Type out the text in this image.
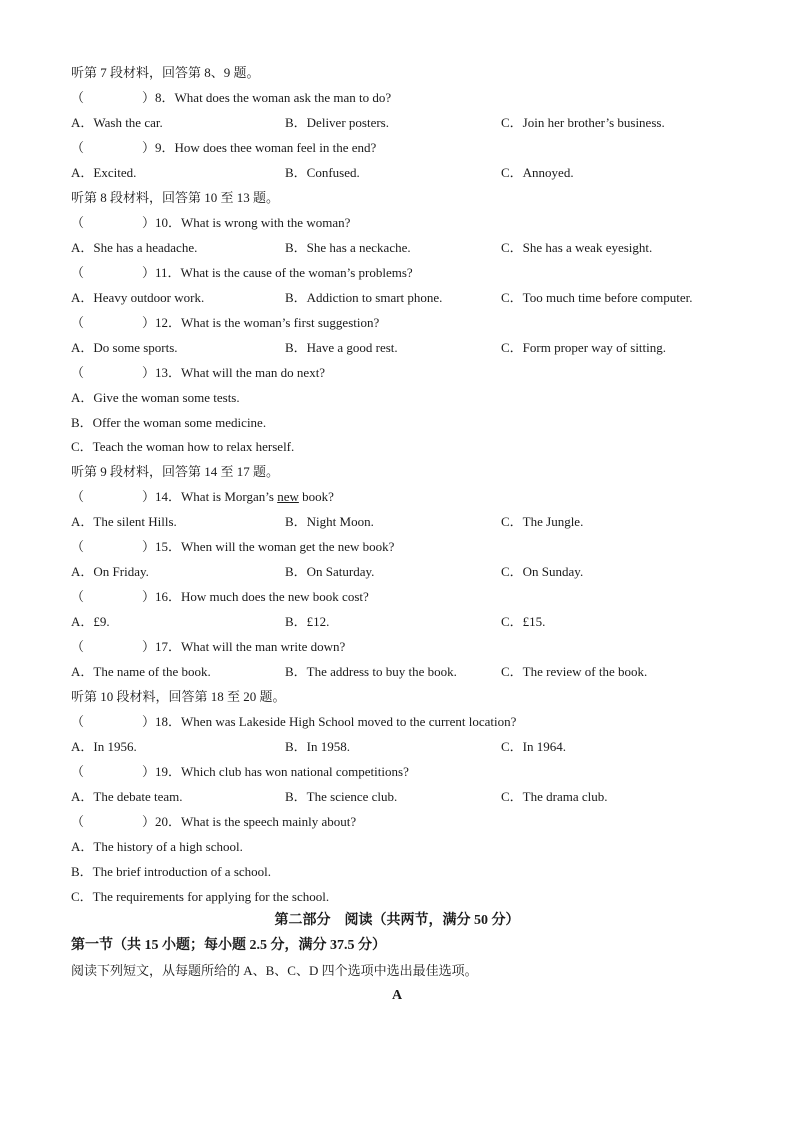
听第 7 段材料，回答第 8、9 题。
（	）8．What does the woman ask the man to do?
A．Wash the car.	B．Deliver posters.	C．Join her brother’s business.
（	）9．How does thee woman feel in the end?
A．Excited.	B．Confused.	C．Annoyed.
听第 8 段材料，回答第 10 至 13 题。
（	）10．What is wrong with the woman?
A．She has a headache.	B．She has a neckache.	C．She has a weak eyesight.
（	）11．What is the cause of the woman’s problems?
A．Heavy outdoor work.	B．Addiction to smart phone.	C．Too much time before computer.
（	）12．What is the woman’s first suggestion?
A．Do some sports.	B．Have a good rest.	C．Form proper way of sitting.
（	）13．What will the man do next?
A．Give the woman some tests.
B．Offer the woman some medicine.
C．Teach the woman how to relax herself.
听第 9 段材料，回答第 14 至 17 题。
（	）14．What is Morgan’s new book?
A．The silent Hills.	B．Night Moon.	C．The Jungle.
（	）15．When will the woman get the new book?
A．On Friday.	B．On Saturday.	C．On Sunday.
（	）16．How much does the new book cost?
A．£9.	B．£12.	C．£15.
（	）17．What will the man write down?
A．The name of the book.	B．The address to buy the book.	C．The review of the book.
听第 10 段材料，回答第 18 至 20 题。
（	）18．When was Lakeside High School moved to the current location?
A．In 1956.	B．In 1958.	C．In 1964.
（	）19．Which club has won national competitions?
A．The debate team.	B．The science club.	C．The drama club.
（	）20．What is the speech mainly about?
A．The history of a high school.
B．The brief introduction of a school.
C．The requirements for applying for the school.
第二部分　阅读（共两节，满分 50 分）
第一节（共 15 小题；每小题 2.5 分，满分 37.5 分）
阅读下列短文，从每题所给的 A、B、C、D 四个选项中选出最佳选项。
A
